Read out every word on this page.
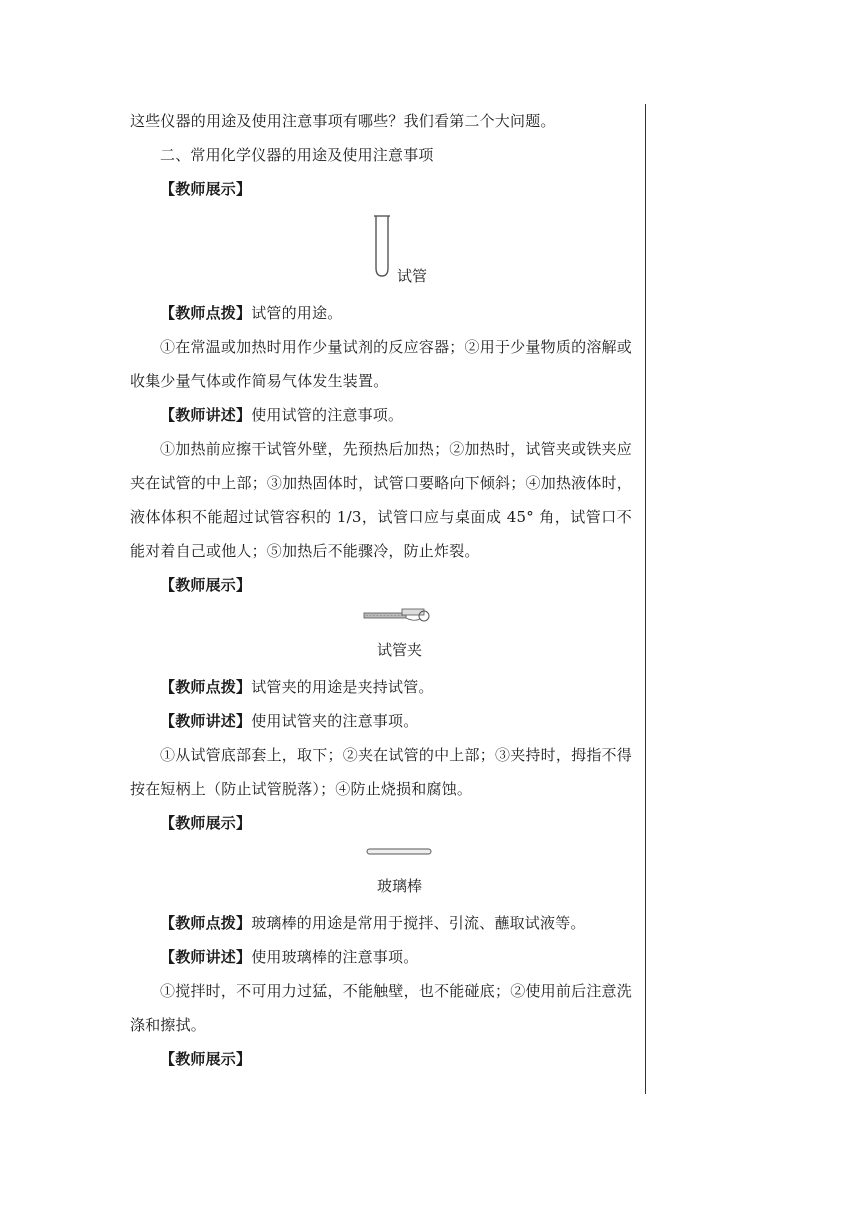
这些仪器的用途及使用注意事项有哪些？我们看第二个大问题。
二、常用化学仪器的用途及使用注意事项
【教师展示】
试管
【教师点拨】试管的用途。
①在常温或加热时用作少量试剂的反应容器；②用于少量物质的溶解或收集少量气体或作简易气体发生装置。
【教师讲述】使用试管的注意事项。
①加热前应擦干试管外壁，先预热后加热；②加热时，试管夹或铁夹应夹在试管的中上部；③加热固体时，试管口要略向下倾斜；④加热液体时，液体体积不能超过试管容积的 1/3，试管口应与桌面成 45° 角，试管口不能对着自己或他人；⑤加热后不能骤冷，防止炸裂。
【教师展示】
试管夹
【教师点拨】试管夹的用途是夹持试管。
【教师讲述】使用试管夹的注意事项。
①从试管底部套上，取下；②夹在试管的中上部；③夹持时，拇指不得按在短柄上（防止试管脱落）；④防止烧损和腐蚀。
【教师展示】
玻璃棒
【教师点拨】玻璃棒的用途是常用于搅拌、引流、蘸取试液等。
【教师讲述】使用玻璃棒的注意事项。
①搅拌时，不可用力过猛，不能触壁，也不能碰底；②使用前后注意洗涤和擦拭。
【教师展示】
